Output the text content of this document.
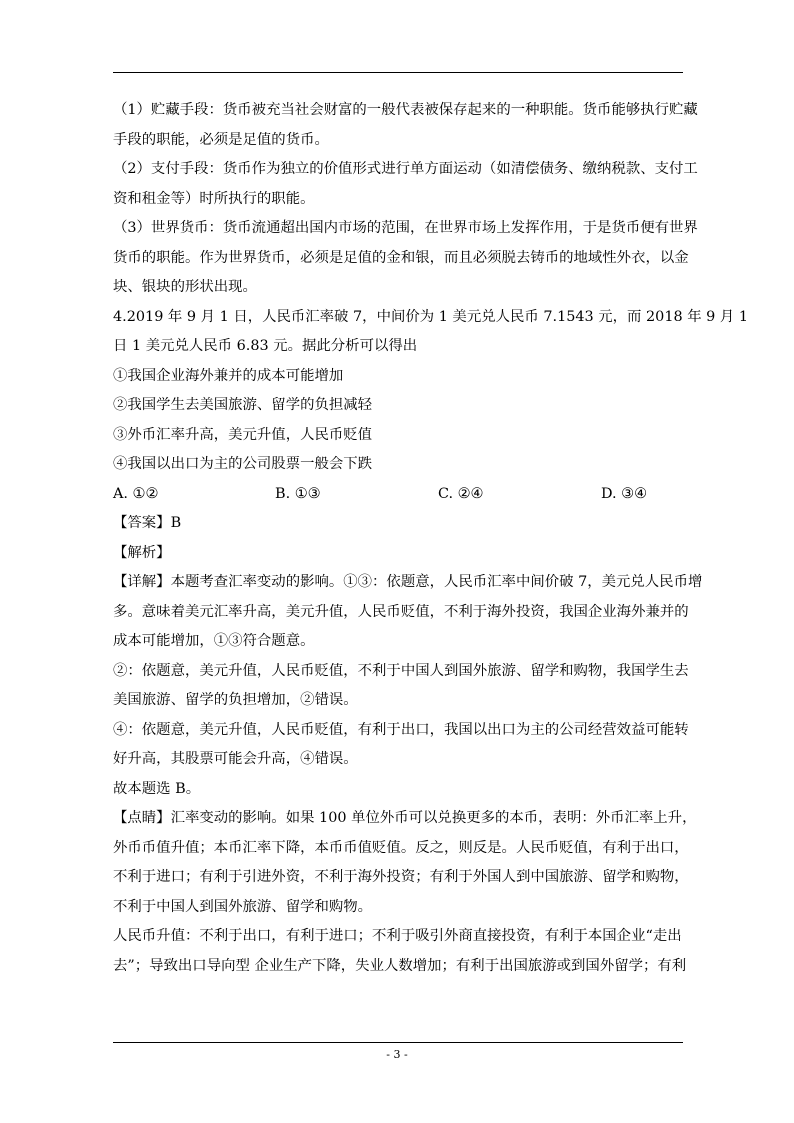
（1）贮藏手段：货币被充当社会财富的一般代表被保存起来的一种职能。货币能够执行贮藏

手段的职能，必须是足值的货币。

（2）支付手段：货币作为独立的价值形式进行单方面运动（如清偿债务、缴纳税款、支付工

资和租金等）时所执行的职能。

（3）世界货币：货币流通超出国内市场的范围，在世界市场上发挥作用，于是货币便有世界

货币的职能。作为世界货币，必须是足值的金和银，而且必须脱去铸币的地域性外衣，以金

块、银块的形状出现。

4.2019 年 9 月 1 日，人民币汇率破 7，中间价为 1 美元兑人民币 7.1543 元，而 2018 年 9 月 1

日 1 美元兑人民币 6.83 元。据此分析可以得出

①我国企业海外兼并的成本可能增加

②我国学生去美国旅游、留学的负担减轻

③外币汇率升高，美元升值，人民币贬值

④我国以出口为主的公司股票一般会下跌

A. ①②	B. ①③	C. ②④	D. ③④

【答案】B

【解析】

【详解】本题考查汇率变动的影响。①③：依题意，人民币汇率中间价破 7，美元兑人民币增

多。意味着美元汇率升高，美元升值，人民币贬值，不利于海外投资，我国企业海外兼并的

成本可能增加，①③符合题意。

②：依题意，美元升值，人民币贬值，不利于中国人到国外旅游、留学和购物，我国学生去

美国旅游、留学的负担增加，②错误。

④：依题意，美元升值，人民币贬值，有利于出口，我国以出口为主的公司经营效益可能转

好升高，其股票可能会升高，④错误。

故本题选 B。

【点睛】汇率变动的影响。如果 100 单位外币可以兑换更多的本币，表明：外币汇率上升，

外币币值升值；本币汇率下降，本币币值贬值。反之，则反是。人民币贬值，有利于出口，

不利于进口；有利于引进外资，不利于海外投资；有利于外国人到中国旅游、留学和购物，

不利于中国人到国外旅游、留学和购物。

人民币升值：不利于出口，有利于进口；不利于吸引外商直接投资，有利于本国企业“走出

去”；导致出口导向型 企业生产下降，失业人数增加；有利于出国旅游或到国外留学；有利

- 3 -
